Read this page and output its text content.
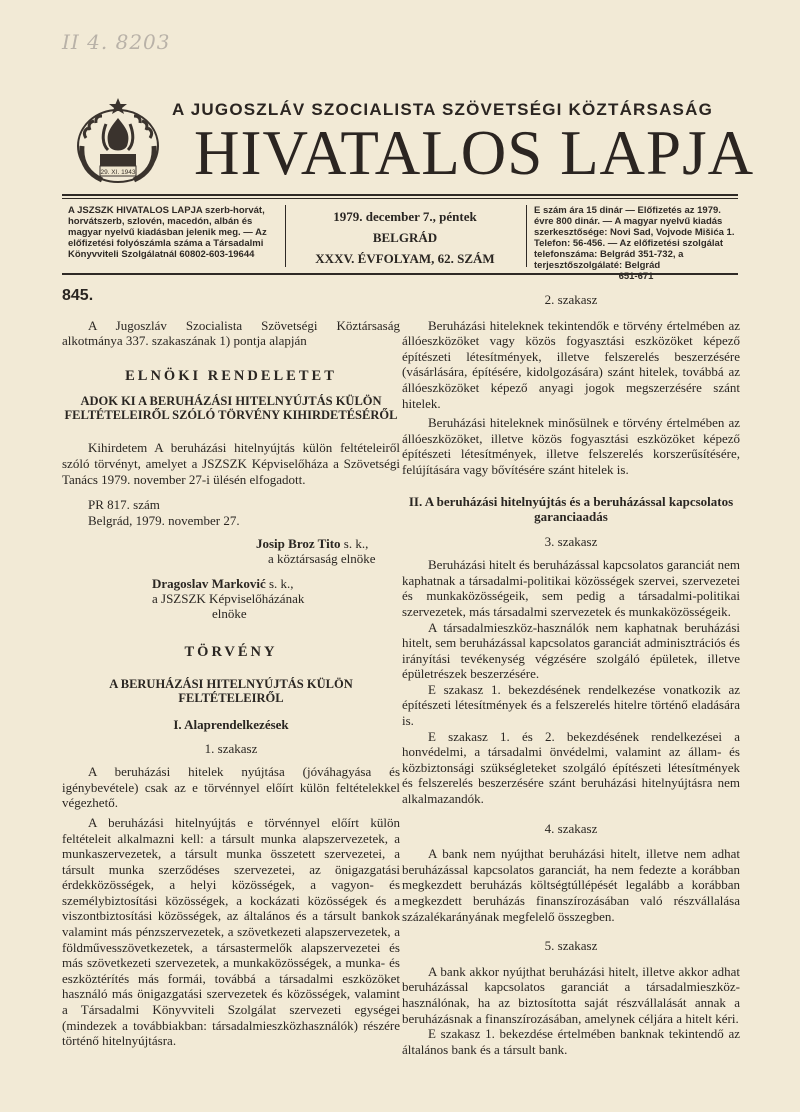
II 4. 8203
29. XI. 1943
A JUGOSZLÁV SZOCIALISTA SZÖVETSÉGI KÖZTÁRSASÁG
HIVATALOS LAPJA
A JSZSZK HIVATALOS LAPJA szerb-horvát, horvátszerb, szlovén, macedón, albán és magyar nyelvű kiadásban jelenik meg. — Az előfizetési folyószámla száma a Társadalmi Könyvviteli Szolgálatnál 60802-603-19644
1979. december 7., péntek
BELGRÁD
XXXV. ÉVFOLYAM, 62. SZÁM
E szám ára 15 dinár — Előfizetés az 1979. évre 800 dinár. — A magyar nyelvű kiadás szerkesztősége: Novi Sad, Vojvode Mišića 1. Telefon: 56-456. — Az előfizetési szolgálat telefonszáma: Belgrád 351-732, a terjesztőszolgálaté: Belgrád
651-671

845.

A Jugoszláv Szocialista Szövetségi Köztársaság alkotmánya 337. szakaszának 1) pontja alapján

ELNÖKI RENDELETET

ADOK KI A BERUHÁZÁSI HITELNYÚJTÁS KÜLÖN FELTÉTELEIRŐL SZÓLÓ TÖRVÉNY KIHIRDETÉSÉRŐL

Kihirdetem A beruházási hitelnyújtás külön feltételeiről szóló törvényt, amelyet a JSZSZK Képviselőháza a Szövetségi Tanács 1979. november 27-i ülésén elfogadott.

PR 817. szám

Belgrád, 1979. november 27.

Josip Broz Tito s. k.,
a köztársaság elnöke
Dragoslav Marković s. k.,
a JSZSZK Képviselőházának
elnöke

TÖRVÉNY

A BERUHÁZÁSI HITELNYÚJTÁS KÜLÖN FELTÉTELEIRŐL

I. Alaprendelkezések

1. szakasz

A beruházási hitelek nyújtása (jóváhagyása és igénybevétele) csak az e törvénnyel előírt külön feltételekkel végezhető.

A beruházási hitelnyújtás e törvénnyel előírt külön feltételeit alkalmazni kell: a társult munka alapszervezetek, a munkaszervezetek, a társult munka összetett szervezetei, a társult munka szerződéses szervezetei, az önigazgatási érdekközösségek, a helyi közösségek, a vagyon- és személybiztosítási közösségek, a kockázati közösségek és a viszontbiztosítási közösségek, az általános és a társult bankok valamint más pénzszervezetek, a szövetkezeti alapszervezetek, a földművesszövetkezetek, a társastermelők alapszervezetei és más szövetkezeti szervezetek, a munkaközösségek, a munka- és eszköztérítés más formái, továbbá a társadalmi eszközöket használó más önigazgatási szervezetek és közösségek, valamint a Társadalmi Könyvviteli Szolgálat szervezeti egységei (mindezek a továbbiakban: társadalmieszközhasználók) részére történő hitelnyújtásra.

2. szakasz

Beruházási hiteleknek tekintendők e törvény értelmében az állóeszközöket vagy közös fogyasztási eszközöket képező építészeti létesítmények, illetve felszerelés beszerzésére (vásárlására, építésére, kidolgozására) szánt hitelek, továbbá az állóeszközöket képező anyagi jogok megszerzésére szánt hitelek.

Beruházási hiteleknek minősülnek e törvény értelmében az állóeszközöket, illetve közös fogyasztási eszközöket képező építészeti létesítmények, illetve felszerelés korszerűsítésére, felújítására vagy bővítésére szánt hitelek is.

II. A beruházási hitelnyújtás és a beruházással kapcsolatos garanciaadás

3. szakasz

Beruházási hitelt és beruházással kapcsolatos garanciát nem kaphatnak a társadalmi-politikai közösségek szervei, szervezetei és munkaközösségeik, sem pedig a társadalmi-politikai szervezetek, más társadalmi szervezetek és munkaközösségeik.

A társadalmieszköz-használók nem kaphatnak beruházási hitelt, sem beruházással kapcsolatos garanciát adminisztrációs és irányítási tevékenység végzésére szolgáló épületek, illetve épületrészek beszerzésére.

E szakasz 1. bekezdésének rendelkezése vonatkozik az építészeti létesítmények és a felszerelés hitelre történő eladására is.

E szakasz 1. és 2. bekezdésének rendelkezései a honvédelmi, a társadalmi önvédelmi, valamint az állam- és közbiztonsági szükségleteket szolgáló építészeti létesítmények és felszerelés beszerzésére szánt beruházási hitelnyújtásra nem alkalmazandók.

4. szakasz

A bank nem nyújthat beruházási hitelt, illetve nem adhat beruházással kapcsolatos garanciát, ha nem fedezte a korábban megkezdett beruházás költségtúllépését legalább a korábban megkezdett beruházás finanszírozásában való részvállalása százalékarányának megfelelő összegben.

5. szakasz

A bank akkor nyújthat beruházási hitelt, illetve akkor adhat beruházással kapcsolatos garanciát a társadalmieszköz-használónak, ha az biztosította saját részvállalását annak a beruházásnak a finanszírozásában, amelynek céljára a hitelt kéri.

E szakasz 1. bekezdése értelmében banknak tekintendő az általános bank és a társult bank.
